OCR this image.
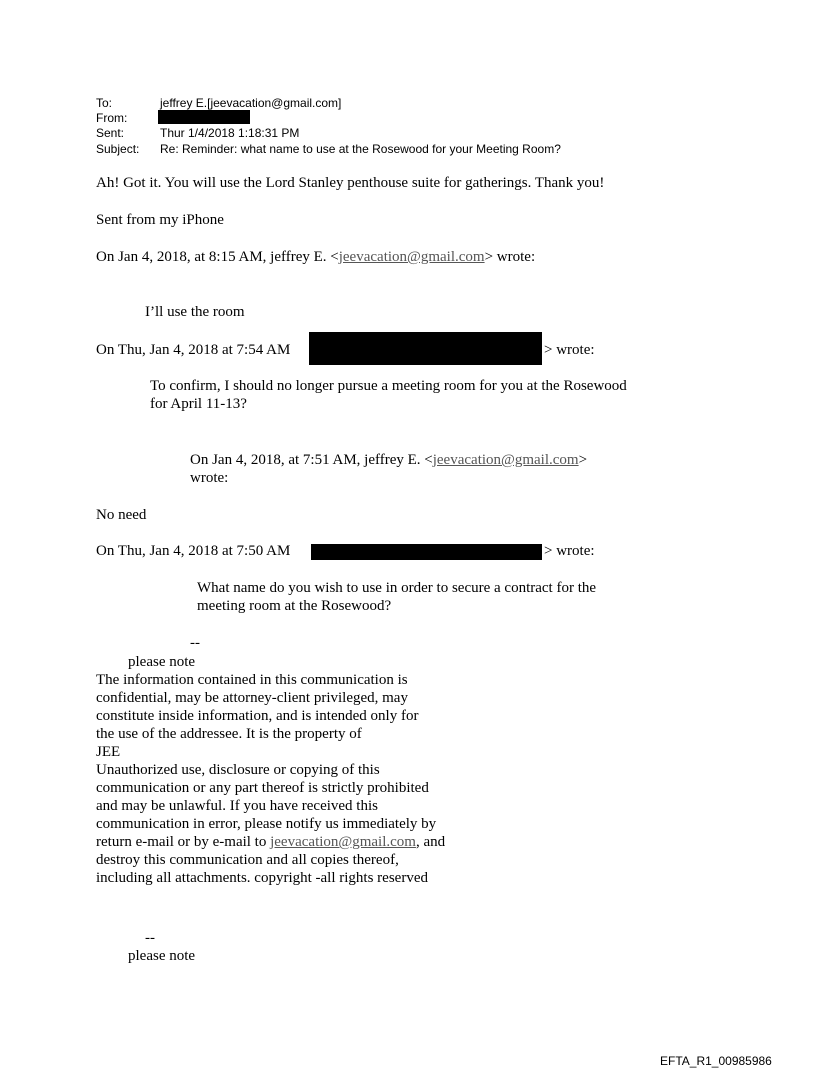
To:	jeffrey E.[jeevacation@gmail.com]
From:
Sent:	Thur 1/4/2018 1:18:31 PM
Subject: Re: Reminder: what name to use at the Rosewood for your Meeting Room?
Ah! Got it. You will use the Lord Stanley penthouse suite for gatherings. Thank you!
Sent from my iPhone
On Jan 4, 2018, at 8:15 AM, jeffrey E. <jeevacation@gmail.com> wrote:
I’ll use the room
On Thu, Jan 4, 2018 at 7:54 AM	> wrote:
To confirm, I should no longer pursue a meeting room for you at the Rosewood
for April 11-13?
On Jan 4, 2018, at 7:51 AM, jeffrey E. <jeevacation@gmail.com>
wrote:
No need
On Thu, Jan 4, 2018 at 7:50 AM	> wrote:
What name do you wish to use in order to secure a contract for the
meeting room at the Rosewood?
--
please note
The information contained in this communication is
confidential, may be attorney-client privileged, may
constitute inside information, and is intended only for
the use of the addressee. It is the property of
JEE
Unauthorized use, disclosure or copying of this
communication or any part thereof is strictly prohibited
and may be unlawful. If you have received this
communication in error, please notify us immediately by
return e-mail or by e-mail to jeevacation@gmail.com, and
destroy this communication and all copies thereof,
including all attachments. copyright -all rights reserved
--
please note
EFTA_R1_00985986
